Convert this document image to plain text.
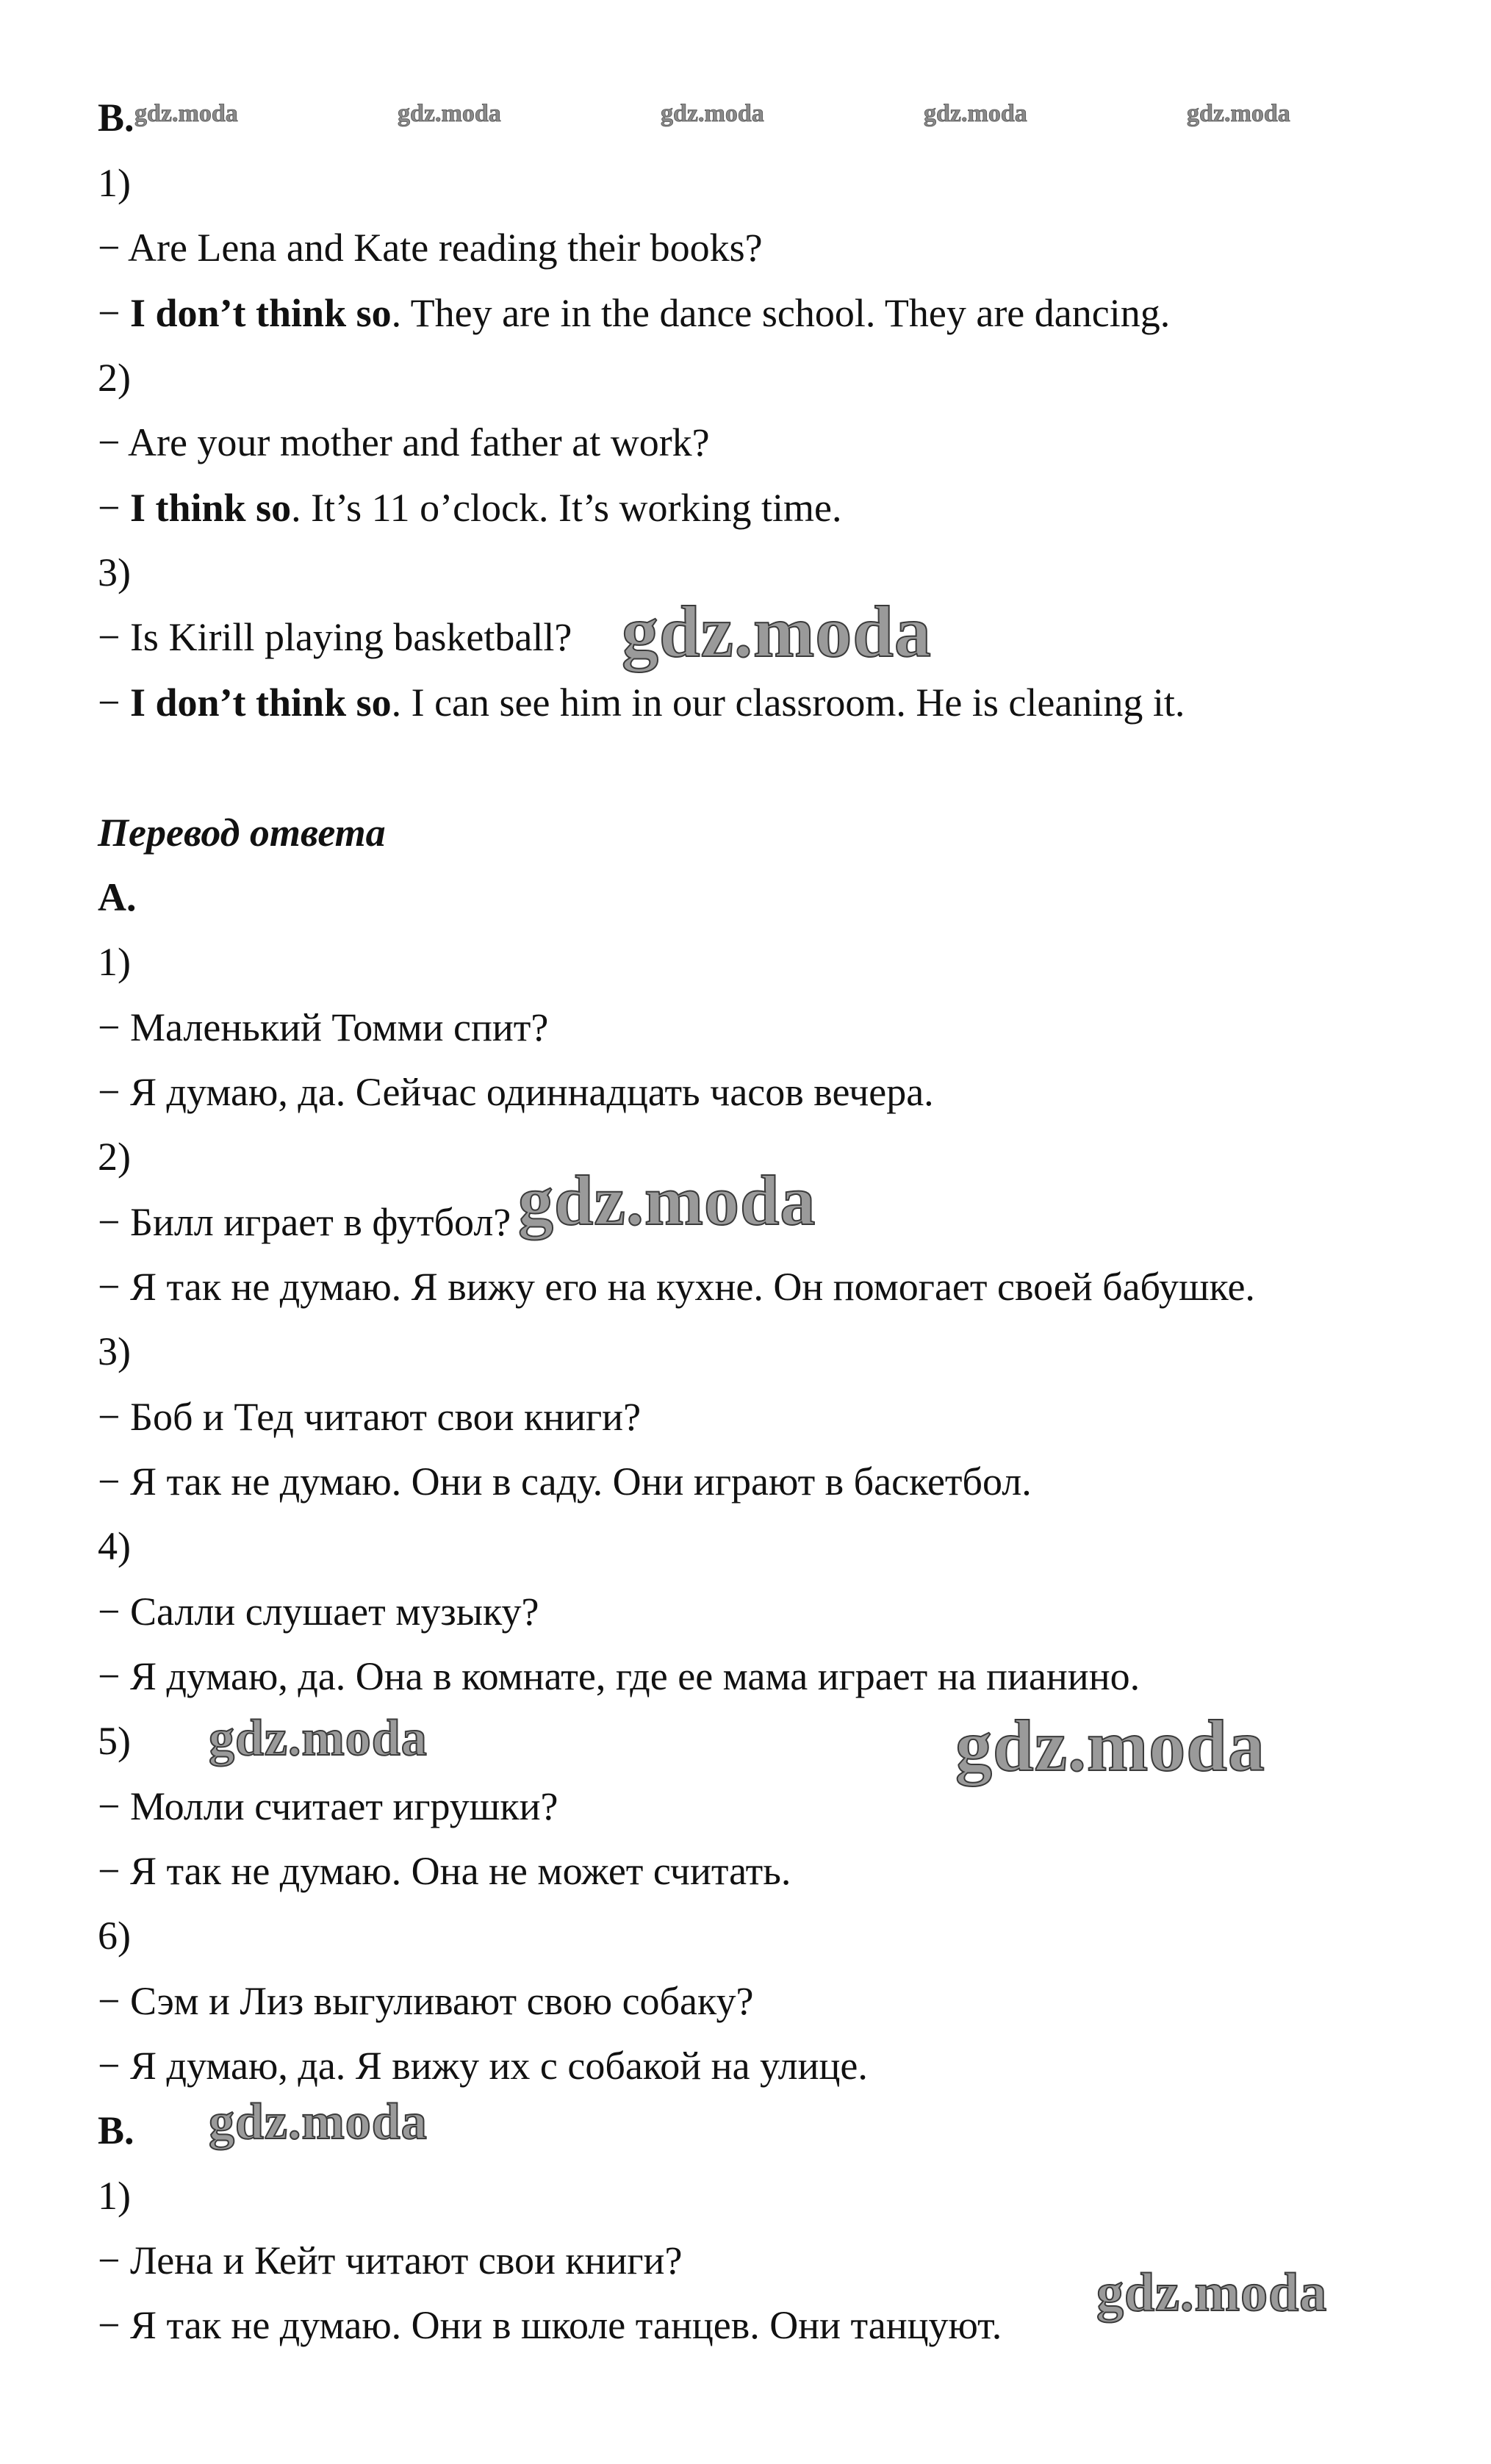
B.
1)
− Are Lena and Kate reading their books?
− I don’t think so. They are in the dance school. They are dancing.
2)
− Are your mother and father at work?
− I think so. It’s 11 o’clock. It’s working time.
3)
− Is Kirill playing basketball?
− I don’t think so. I can see him in our classroom. He is cleaning it.
Перевод ответа
A.
1)
− Маленький Томми спит?
− Я думаю, да. Сейчас одиннадцать часов вечера.
2)
− Билл играет в футбол?
− Я так не думаю. Я вижу его на кухне. Он помогает своей бабушке.
3)
− Боб и Тед читают свои книги?
− Я так не думаю. Они в саду. Они играют в баскетбол.
4)
− Салли слушает музыку?
− Я думаю, да. Она в комнате, где ее мама играет на пианино.
5)
− Молли считает игрушки?
− Я так не думаю. Она не может считать.
6)
− Сэм и Лиз выгуливают свою собаку?
− Я думаю, да. Я вижу их с собакой на улице.
B.
1)
− Лена и Кейт читают свои книги?
− Я так не думаю. Они в школе танцев. Они танцуют.
gdz.moda	gdz.moda	gdz.moda	gdz.moda	gdz.moda
gdz.moda
gdz.moda
gdz.moda	gdz.moda
gdz.moda
gdz.moda
